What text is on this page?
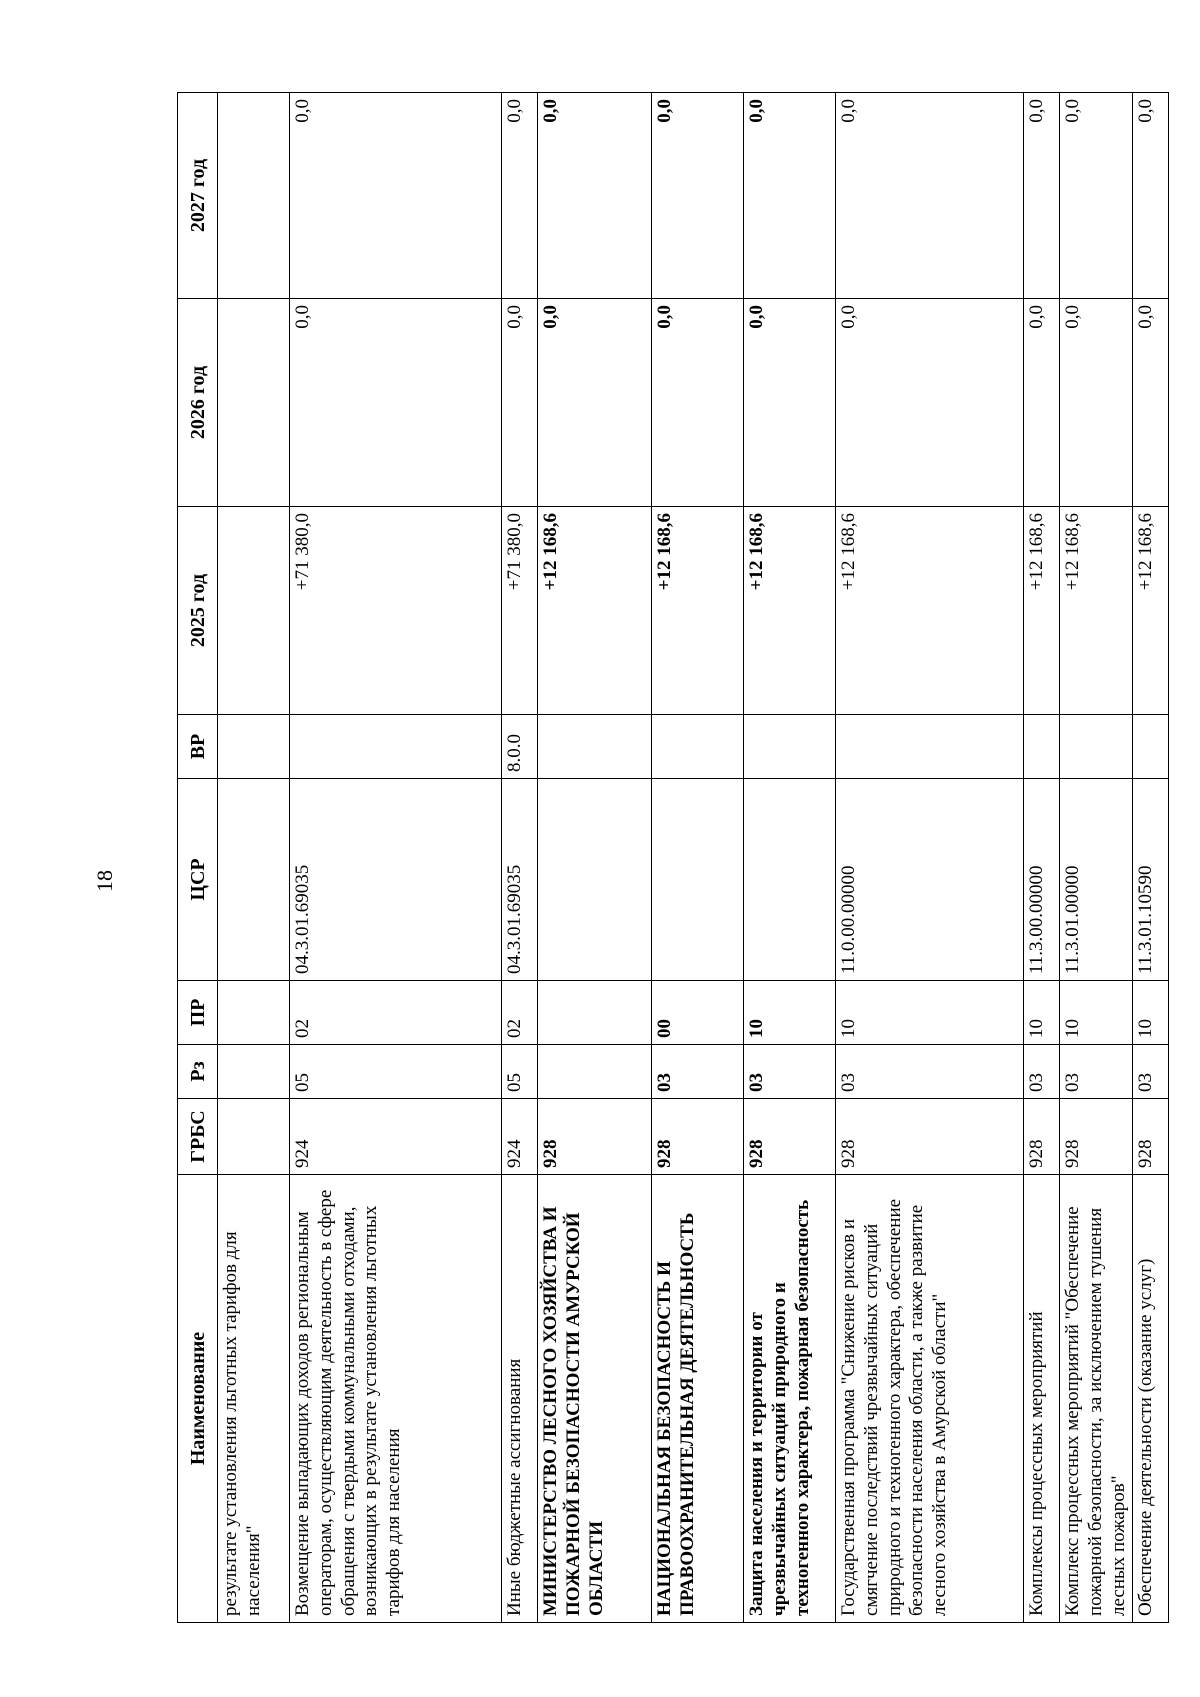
18
Наименование	ГРБС	Рз	ПР	ЦСР	ВР	2025 год	2026 год	2027 год
результате установления льготных тарифов для населения"								
Возмещение выпадающих доходов региональным операторам, осуществляющим деятельность в сфере обращения с твердыми коммунальными отходами, возникающих в результате установления льготных тарифов для населения	924	05	02	04.3.01.69035		+71 380,0	0,0	0,0
Иные бюджетные ассигнования	924	05	02	04.3.01.69035	8.0.0	+71 380,0	0,0	0,0
МИНИСТЕРСТВО ЛЕСНОГО ХОЗЯЙСТВА И ПОЖАРНОЙ БЕЗОПАСНОСТИ АМУРСКОЙ ОБЛАСТИ	928					+12 168,6	0,0	0,0
НАЦИОНАЛЬНАЯ БЕЗОПАСНОСТЬ И ПРАВООХРАНИТЕЛЬНАЯ ДЕЯТЕЛЬНОСТЬ	928	03	00			+12 168,6	0,0	0,0
Защита населения и территории от чрезвычайных ситуаций природного и техногенного характера, пожарная безопасность	928	03	10			+12 168,6	0,0	0,0
Государственная программа "Снижение рисков и смягчение последствий чрезвычайных ситуаций природного и техногенного характера, обеспечение безопасности населения области, а также развитие лесного хозяйства в Амурской области"	928	03	10	11.0.00.00000		+12 168,6	0,0	0,0
Комплексы процессных мероприятий	928	03	10	11.3.00.00000		+12 168,6	0,0	0,0
Комплекс процессных мероприятий "Обеспечение пожарной безопасности, за исключением тушения лесных пожаров"	928	03	10	11.3.01.00000		+12 168,6	0,0	0,0
Обеспечение деятельности (оказание услуг)	928	03	10	11.3.01.10590		+12 168,6	0,0	0,0
